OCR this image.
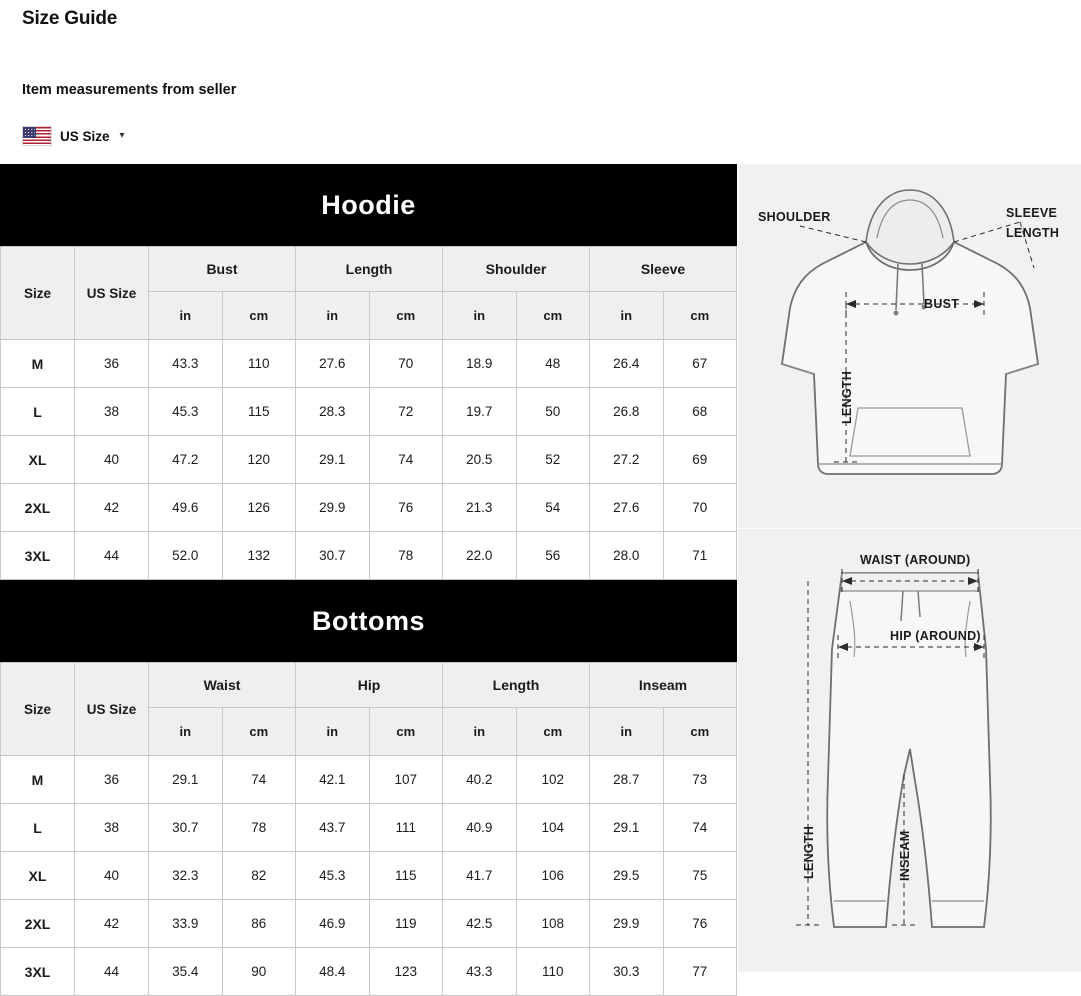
Size Guide
Item measurements from seller
US Size ▾
Hoodie
Size	US Size	Bust		Length		Shoulder		Sleeve	
		in	cm	in	cm	in	cm	in	cm
M	36	43.3	110	27.6	70	18.9	48	26.4	67
L	38	45.3	115	28.3	72	19.7	50	26.8	68
XL	40	47.2	120	29.1	74	20.5	52	27.2	69
2XL	42	49.6	126	29.9	76	21.3	54	27.6	70
3XL	44	52.0	132	30.7	78	22.0	56	28.0	71
Bottoms
Size	US Size	Waist		Hip		Length		Inseam	
		in	cm	in	cm	in	cm	in	cm
M	36	29.1	74	42.1	107	40.2	102	28.7	73
L	38	30.7	78	43.7	111	40.9	104	29.1	74
XL	40	32.3	82	45.3	115	41.7	106	29.5	75
2XL	42	33.9	86	46.9	119	42.5	108	29.9	76
3XL	44	35.4	90	48.4	123	43.3	110	30.3	77
SHOULDER	SLEEVE
LENGTH
BUST
LENGTH
WAIST (AROUND)
HIP (AROUND)
LENGTH	INSEAM
